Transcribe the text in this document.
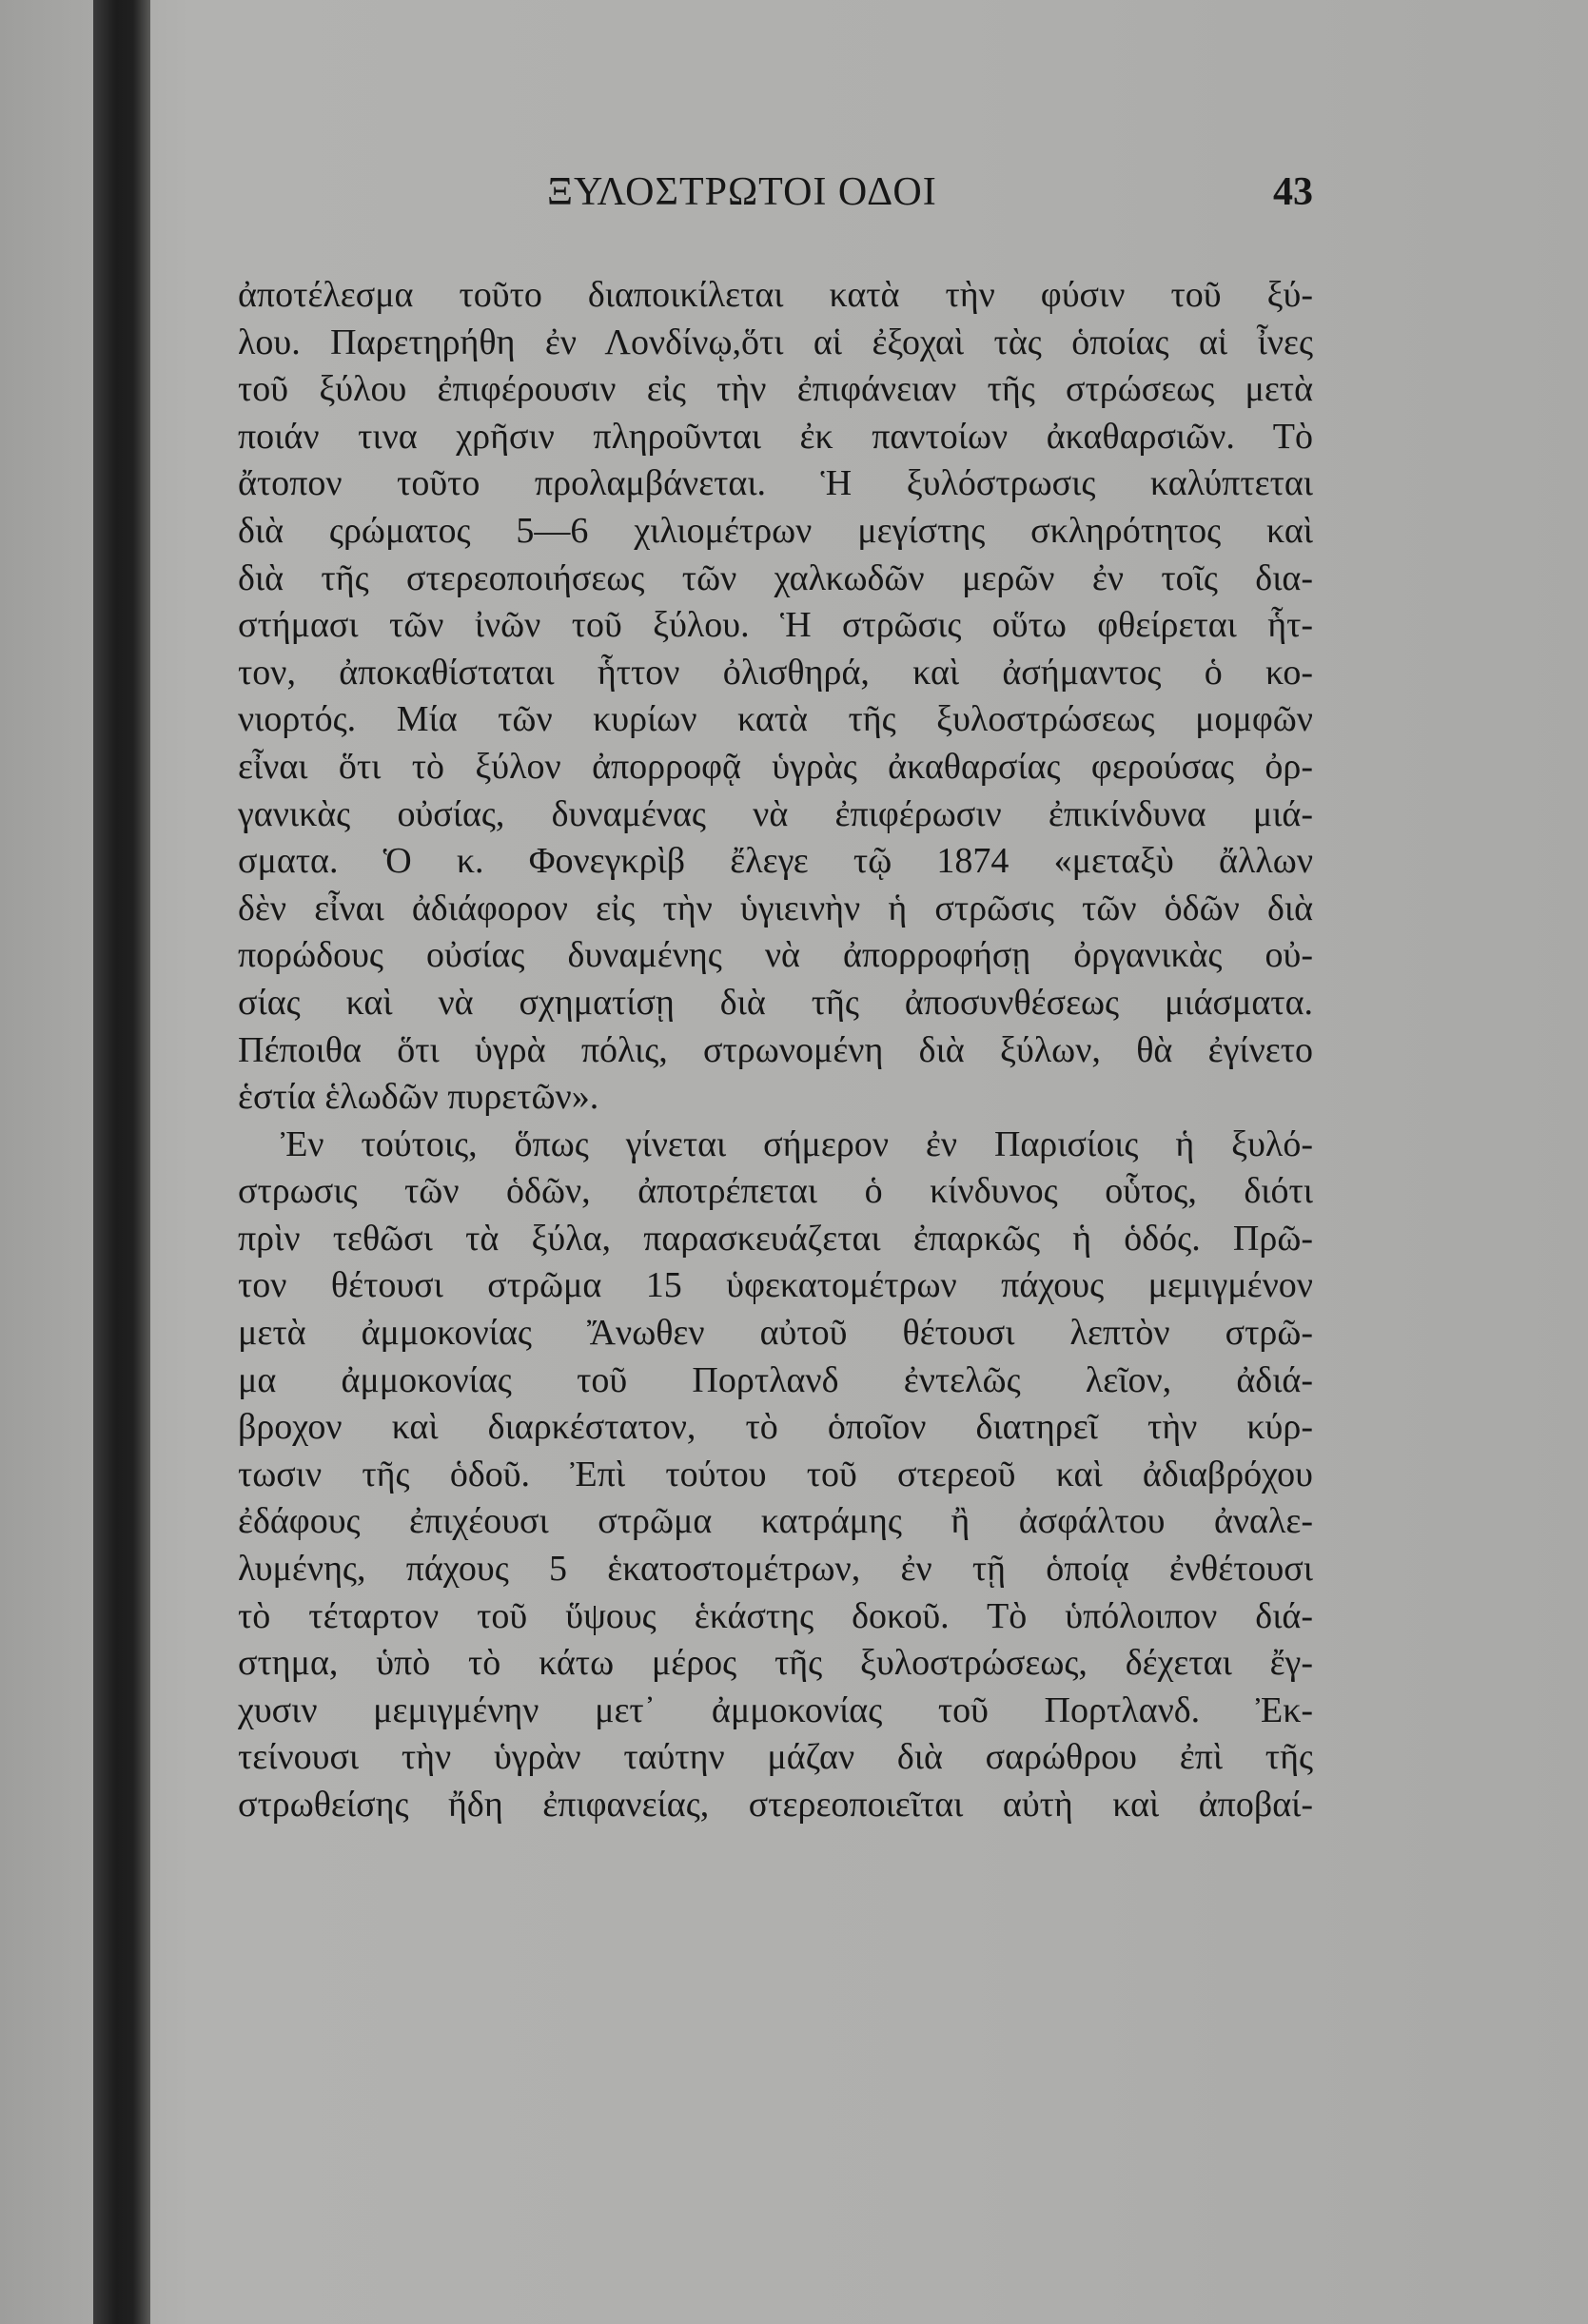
ΞΥΛΟΣΤΡΩΤΟΙ ΟΔΟΙ	43
ἀποτέλεσμα τοῦτο διαποικίλεται κατὰ τὴν φύσιν τοῦ ξύ-
λου. Παρετηρήθη ἐν Λονδίνῳ,ὅτι αἱ ἐξοχαὶ τὰς ὁποίας αἱ ἶνες
τοῦ ξύλου ἐπιφέρουσιν εἰς τὴν ἐπιφάνειαν τῆς στρώσεως μετὰ
ποιάν τινα χρῆσιν πληροῦνται ἐκ παντοίων ἀκαθαρσιῶν. Τὸ
ἄτοπον τοῦτο προλαμβάνεται. Ἡ ξυλόστρωσις καλύπτεται
διὰ ςρώματος 5—6 χιλιομέτρων μεγίστης σκληρότητος καὶ
διὰ τῆς στερεοποιήσεως τῶν χαλκωδῶν μερῶν ἐν τοῖς δια-
στήμασι τῶν ἰνῶν τοῦ ξύλου. Ἡ στρῶσις οὕτω φθείρεται ἧτ-
τον, ἀποκαθίσταται ἧττον ὀλισθηρά, καὶ ἀσήμαντος ὁ κο-
νιορτός. Μία τῶν κυρίων κατὰ τῆς ξυλοστρώσεως μομφῶν
εἶναι ὅτι τὸ ξύλον ἀπορροφᾷ ὑγρὰς ἀκαθαρσίας φερούσας ὀρ-
γανικὰς οὐσίας, δυναμένας νὰ ἐπιφέρωσιν ἐπικίνδυνα μιά-
σματα. Ὁ κ. Φονεγκρὶβ ἔλεγε τῷ 1874 «μεταξὺ ἄλλων
δὲν εἶναι ἀδιάφορον εἰς τὴν ὑγιεινὴν ἡ στρῶσις τῶν ὁδῶν διὰ
πορώδους οὐσίας δυναμένης νὰ ἀπορροφήσῃ ὀργανικὰς οὐ-
σίας καὶ νὰ σχηματίσῃ διὰ τῆς ἀποσυνθέσεως μιάσματα.
Πέποιθα ὅτι ὑγρὰ πόλις, στρωνομένη διὰ ξύλων, θὰ ἐγίνετο
ἑστία ἑλωδῶν πυρετῶν».
Ἐν τούτοις, ὅπως γίνεται σήμερον ἐν Παρισίοις ἡ ξυλό-
στρωσις τῶν ὁδῶν, ἀποτρέπεται ὁ κίνδυνος οὗτος, διότι
πρὶν τεθῶσι τὰ ξύλα, παρασκευάζεται ἐπαρκῶς ἡ ὁδός. Πρῶ-
τον θέτουσι στρῶμα 15 ὑφεκατομέτρων πάχους μεμιγμένον
μετὰ ἀμμοκονίας Ἄνωθεν αὐτοῦ θέτουσι λεπτὸν στρῶ-
μα ἀμμοκονίας τοῦ Πορτλανδ ἐντελῶς λεῖον, ἀδιά-
βροχον καὶ διαρκέστατον, τὸ ὁποῖον διατηρεῖ τὴν κύρ-
τωσιν τῆς ὁδοῦ. Ἐπὶ τούτου τοῦ στερεοῦ καὶ ἀδιαβρόχου
ἐδάφους ἐπιχέουσι στρῶμα κατράμης ἢ ἀσφάλτου ἀναλε-
λυμένης, πάχους 5 ἑκατοστομέτρων, ἐν τῇ ὁποίᾳ ἐνθέτουσι
τὸ τέταρτον τοῦ ὕψους ἑκάστης δοκοῦ. Τὸ ὑπόλοιπον διά-
στημα, ὑπὸ τὸ κάτω μέρος τῆς ξυλοστρώσεως, δέχεται ἔγ-
χυσιν μεμιγμένην μετ᾿ ἀμμοκονίας τοῦ Πορτλανδ. Ἐκ-
τείνουσι τὴν ὑγρὰν ταύτην μάζαν διὰ σαρώθρου ἐπὶ τῆς
στρωθείσης ἤδη ἐπιφανείας, στερεοποιεῖται αὐτὴ καὶ ἀποβαί-
